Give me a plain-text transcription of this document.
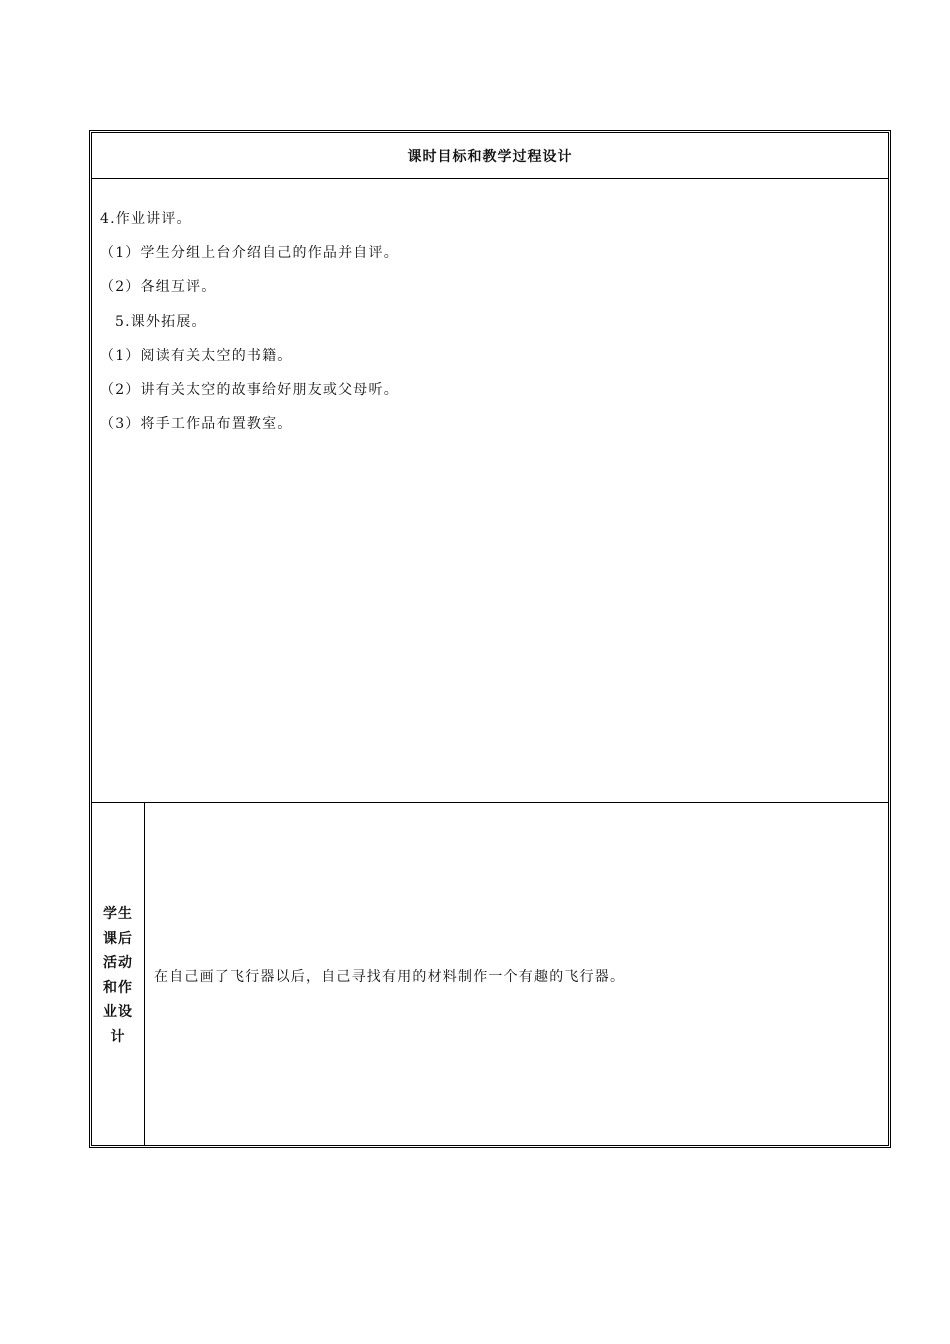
课时目标和教学过程设计
4.作业讲评。
（1）学生分组上台介绍自己的作品并自评。
（2）各组互评。
5.课外拓展。
（1）阅读有关太空的书籍。
（2）讲有关太空的故事给好朋友或父母听。
（3）将手工作品布置教室。
学生课后活动和作业设计
在自己画了飞行器以后，自己寻找有用的材料制作一个有趣的飞行器。
